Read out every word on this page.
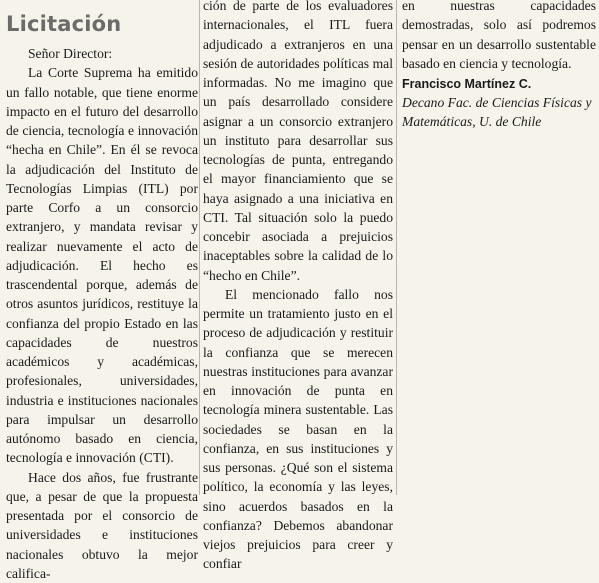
Licitación
Señor Director:

La Corte Suprema ha emitido un fallo notable, que tiene enorme impacto en el futuro del desarrollo de ciencia, tecnología e innovación “hecha en Chile”. En él se revoca la adjudicación del Instituto de Tecnologías Limpias (ITL) por parte Corfo a un consorcio extranjero, y mandata revisar y realizar nuevamente el acto de adjudicación. El hecho es trascendental porque, además de otros asuntos jurídicos, restituye la confianza del propio Estado en las capacidades de nuestros académicos y académicas, profesionales, universidades, industria e instituciones nacionales para impulsar un desarrollo autónomo basado en ciencia, tecnología e innovación (CTI).

Hace dos años, fue frustrante que, a pesar de que la propuesta presentada por el consorcio de universidades e instituciones nacionales obtuvo la mejor califica-

ción de parte de los evaluadores internacionales, el ITL fuera adjudicado a extranjeros en una sesión de autoridades políticas mal informadas. No me imagino que un país desarrollado considere asignar a un consorcio extranjero un instituto para desarrollar sus tecnologías de punta, entregando el mayor financiamiento que se haya asignado a una iniciativa en CTI. Tal situación solo la puedo concebir asociada a prejuicios inaceptables sobre la calidad de lo “hecho en Chile”.

El mencionado fallo nos permite un tratamiento justo en el proceso de adjudicación y restituir la confianza que se merecen nuestras instituciones para avanzar en innovación de punta en tecnología minera sustentable. Las sociedades se basan en la confianza, en sus instituciones y sus personas. ¿Qué son el sistema político, la economía y las leyes, sino acuerdos basados en la confianza? Debemos abandonar viejos prejuicios para creer y confiar

en nuestras capacidades demostradas, solo así podremos pensar en un desarrollo sustentable basado en ciencia y tecnología.

Francisco Martínez C.

Decano Fac. de Ciencias Físicas y Matemáticas, U. de Chile
